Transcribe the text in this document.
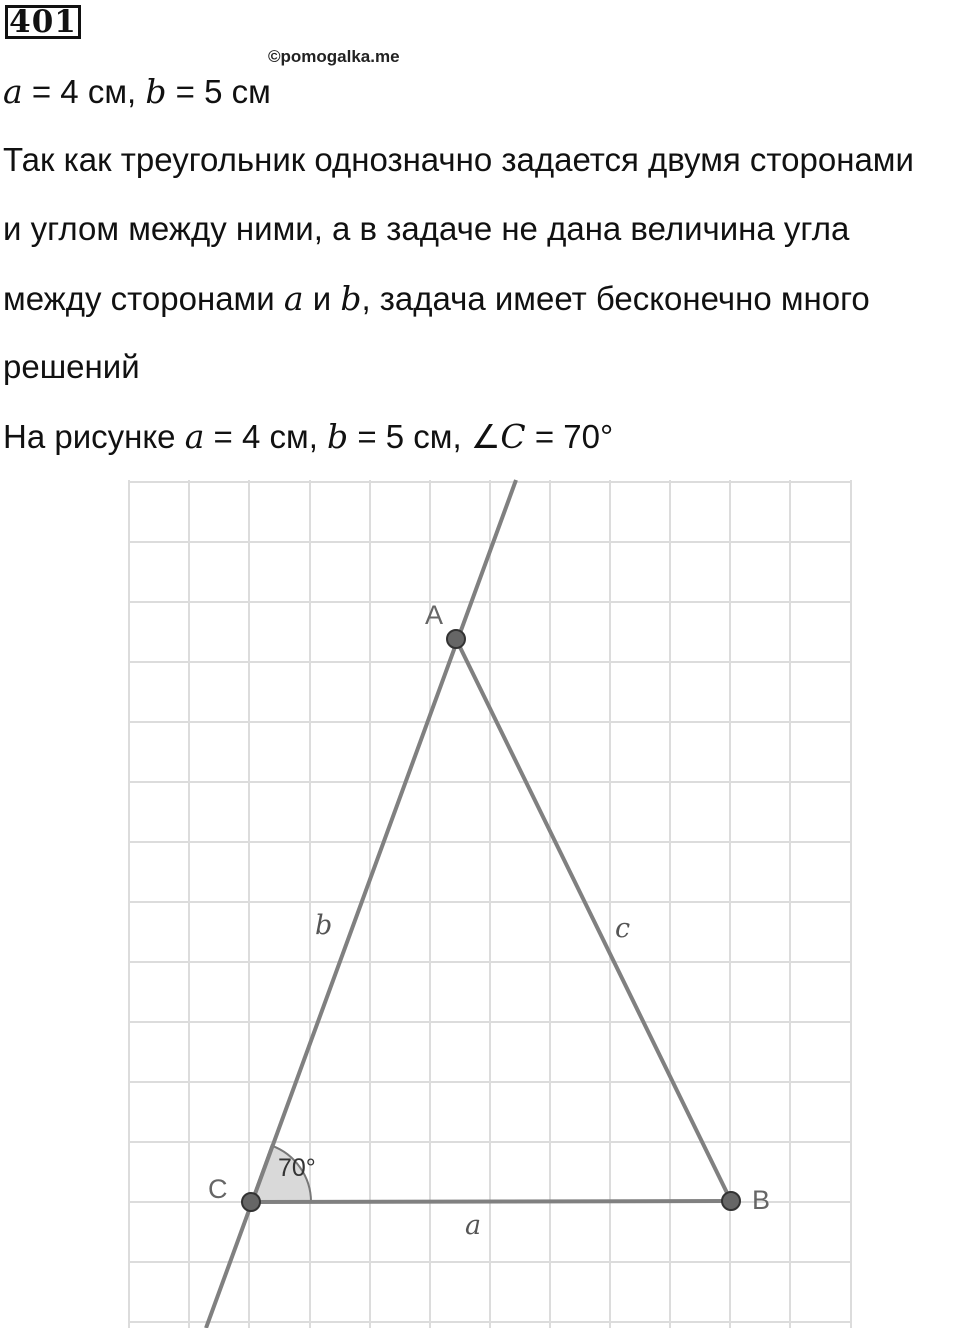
401
©pomogalka.me
a = 4 см, b = 5 см
Так как треугольник однозначно задается двумя сторонами
и углом между ними, а в задаче не дана величина угла
между сторонами a и b, задача имеет бесконечно много
решений
На рисунке a = 4 см, b = 5 см, ∠C = 70°
A
B
C
b	c
a
70°
